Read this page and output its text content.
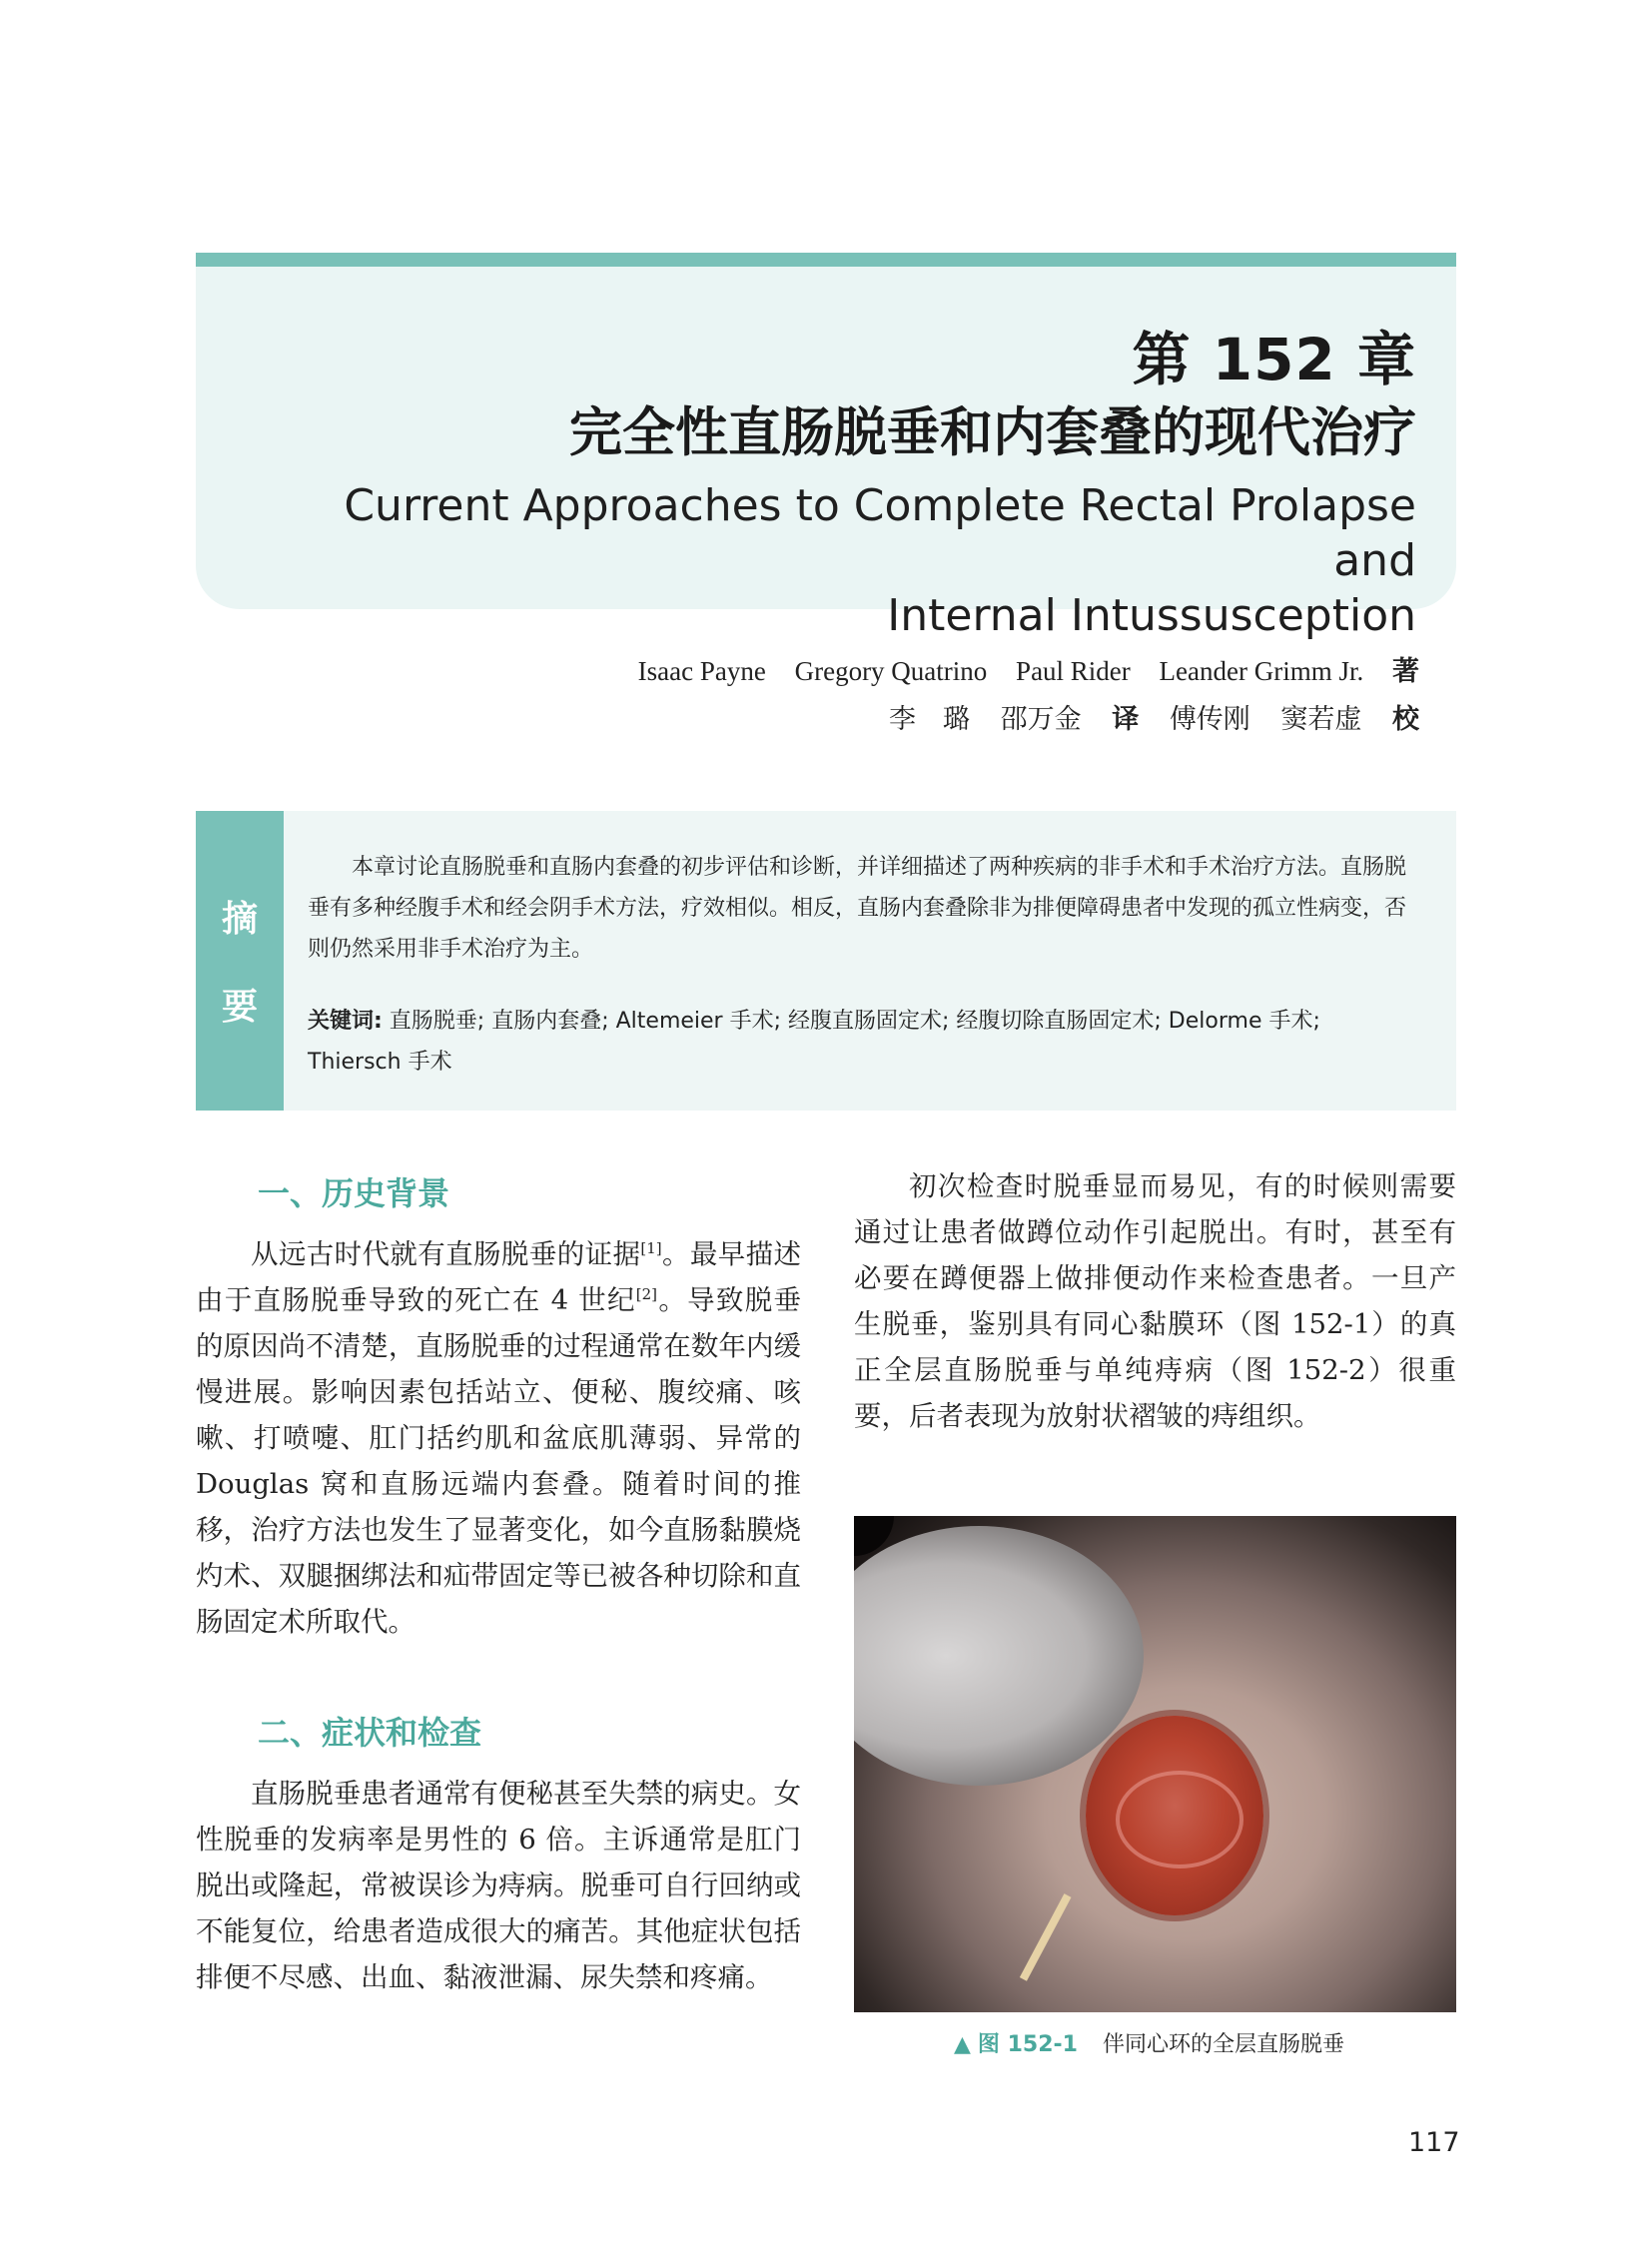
第 152 章
完全性直肠脱垂和内套叠的现代治疗
Current Approaches to Complete Rectal Prolapse and
Internal Intussusception
Isaac Payne Gregory Quatrino Paul Rider Leander Grimm Jr. 著
李　璐 邵万金 译 傅传刚 窦若虚 校
摘
要
本章讨论直肠脱垂和直肠内套叠的初步评估和诊断，并详细描述了两种疾病的非手术和手术治疗方法。直肠脱垂有多种经腹手术和经会阴手术方法，疗效相似。相反，直肠内套叠除非为排便障碍患者中发现的孤立性病变，否则仍然采用非手术治疗为主。
关键词: 直肠脱垂; 直肠内套叠; Altemeier 手术; 经腹直肠固定术; 经腹切除直肠固定术; Delorme 手术; Thiersch 手术
一、历史背景

从远古时代就有直肠脱垂的证据[1]。最早描述由于直肠脱垂导致的死亡在 4 世纪[2]。导致脱垂的原因尚不清楚，直肠脱垂的过程通常在数年内缓慢进展。影响因素包括站立、便秘、腹绞痛、咳嗽、打喷嚏、肛门括约肌和盆底肌薄弱、异常的 Douglas 窝和直肠远端内套叠。随着时间的推移，治疗方法也发生了显著变化，如今直肠黏膜烧灼术、双腿捆绑法和疝带固定等已被各种切除和直肠固定术所取代。

二、症状和检查

直肠脱垂患者通常有便秘甚至失禁的病史。女性脱垂的发病率是男性的 6 倍。主诉通常是肛门脱出或隆起，常被误诊为痔病。脱垂可自行回纳或不能复位，给患者造成很大的痛苦。其他症状包括排便不尽感、出血、黏液泄漏、尿失禁和疼痛。

初次检查时脱垂显而易见，有的时候则需要通过让患者做蹲位动作引起脱出。有时，甚至有必要在蹲便器上做排便动作来检查患者。一旦产生脱垂，鉴别具有同心黏膜环（图 152-1）的真正全层直肠脱垂与单纯痔病（图 152-2）很重要，后者表现为放射状褶皱的痔组织。

▲ 图 152-1 伴同心环的全层直肠脱垂
117
